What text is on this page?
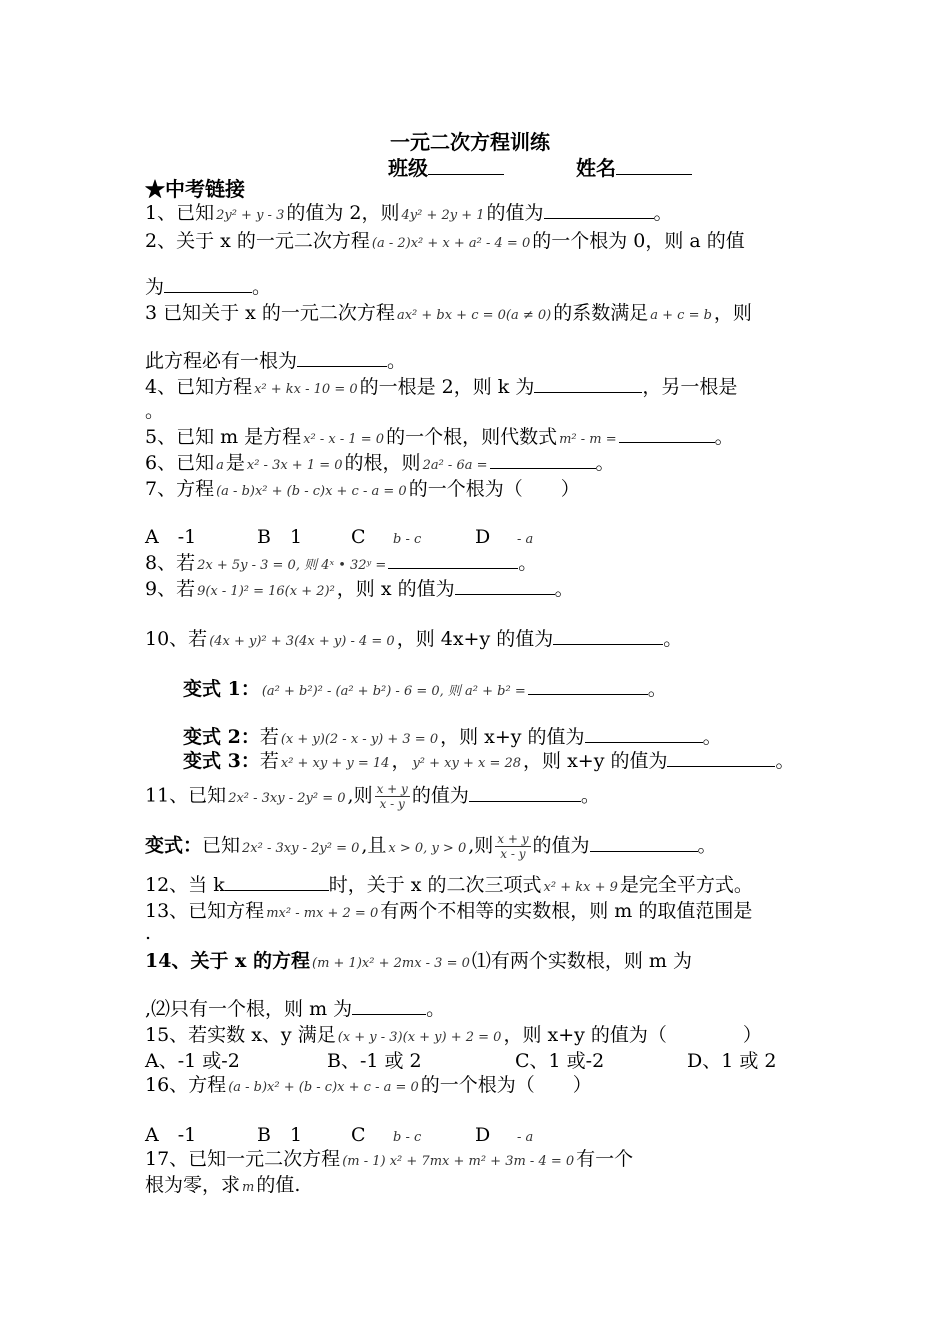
一元二次方程训练
班级	姓名
★中考链接
1、已知 2y² + y - 3 的值为 2，则 4y² + 2y + 1 的值为	。
2、关于 x 的一元二次方程 (a - 2)x² + x + a² - 4 = 0 的一个根为 0，则 a 的值
为	。
3 已知关于 x 的一元二次方程 ax² + bx + c = 0(a ≠ 0) 的系数满足 a + c = b ，则
此方程必有一根为	。
4、已知方程 x² + kx - 10 = 0 的一根是 2，则 k 为	，另一根是
。
5、已知 m 是方程 x² - x - 1 = 0 的一个根，则代数式 m² - m =	。
6、已知 a 是 x² - 3x + 1 = 0 的根，则 2a² - 6a =	。
7、方程 (a - b)x² + (b - c)x + c - a = 0 的一个根为（　　）
A　-1	B　1	C b - c	D - a
8、若 2x + 5y - 3 = 0, 则 4ˣ • 32ʸ =	。
9、若 9(x - 1)² = 16(x + 2)² ，则 x 的值为	。
10、若 (4x + y)² + 3(4x + y) - 4 = 0 ，则 4x+y 的值为	。
变式 1： (a² + b²)² - (a² + b²) - 6 = 0, 则 a² + b² =	。
变式 2：若 (x + y)(2 - x - y) + 3 = 0 ，则 x+y 的值为	。
变式 3：若 x² + xy + y = 14 ， y² + xy + x = 28 ，则 x+y 的值为	。
11、已知 2x² - 3xy - 2y² = 0 ,则 $\frac{x + y}{x - y}$ 的值为	。
变式：已知 2x² - 3xy - 2y² = 0 ,且 x > 0, y > 0 ,则 $\frac{x + y}{x - y}$ 的值为	。
12、当 k	时，关于 x 的二次三项式 x² + kx + 9 是完全平方式。
13、已知方程 mx² - mx + 2 = 0 有两个不相等的实数根，则 m 的取值范围是
.
14、关于 x 的方程 (m + 1)x² + 2mx - 3 = 0 ⑴有两个实数根，则 m 为
,⑵只有一个根，则 m 为	。
15、若实数 x、y 满足 (x + y - 3)(x + y) + 2 = 0 ，则 x+y 的值为（　　　　）
A、-1 或-2	B、-1 或 2	C、1 或-2	D、1 或 2
16、方程 (a - b)x² + (b - c)x + c - a = 0 的一个根为（　　）
A　-1	B　1	C b - c	D - a
17、已知一元二次方程 (m - 1) x² + 7mx + m² + 3m - 4 = 0 有一个
根为零，求 m 的值.
